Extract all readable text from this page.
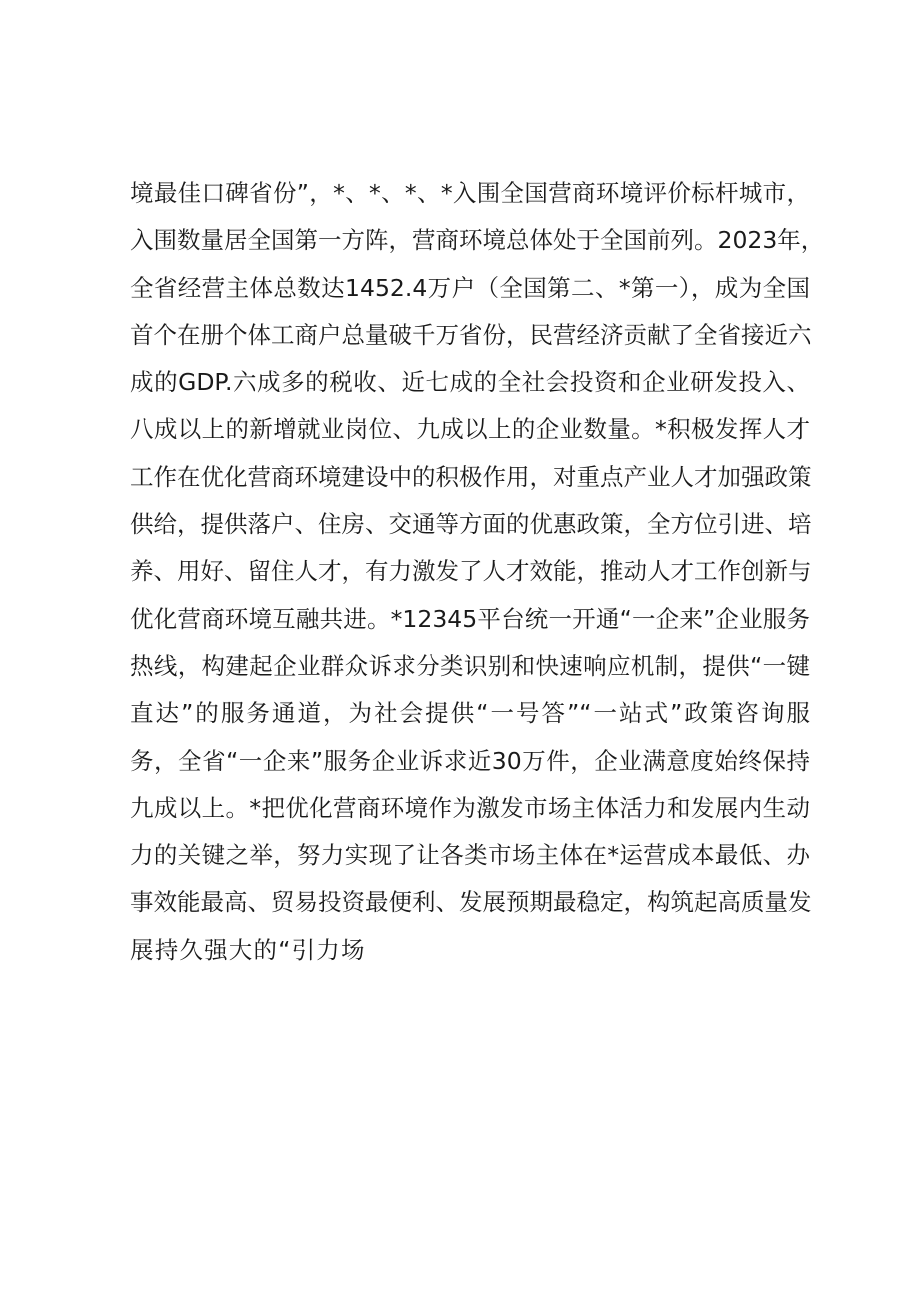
境最佳口碑省份”，*、*、*、*入围全国营商环境评价标杆城市，
入围数量居全国第一方阵，营商环境总体处于全国前列。2023年，
全省经营主体总数达1452.4万户（全国第二、*第一），成为全国
首个在册个体工商户总量破千万省份，民营经济贡献了全省接近六
成的GDP.六成多的税收、近七成的全社会投资和企业研发投入、
八成以上的新增就业岗位、九成以上的企业数量。*积极发挥人才
工作在优化营商环境建设中的积极作用，对重点产业人才加强政策
供给，提供落户、住房、交通等方面的优惠政策，全方位引进、培
养、用好、留住人才，有力激发了人才效能，推动人才工作创新与
优化营商环境互融共进。*12345平台统一开通“一企来”企业服务
热线，构建起企业群众诉求分类识别和快速响应机制，提供“一键
直达”的服务通道，为社会提供“一号答”“一站式”政策咨询服
务，全省“一企来”服务企业诉求近30万件，企业满意度始终保持
九成以上。*把优化营商环境作为激发市场主体活力和发展内生动
力的关键之举，努力实现了让各类市场主体在*运营成本最低、办
事效能最高、贸易投资最便利、发展预期最稳定，构筑起高质量发
展持久强大的“引力场
